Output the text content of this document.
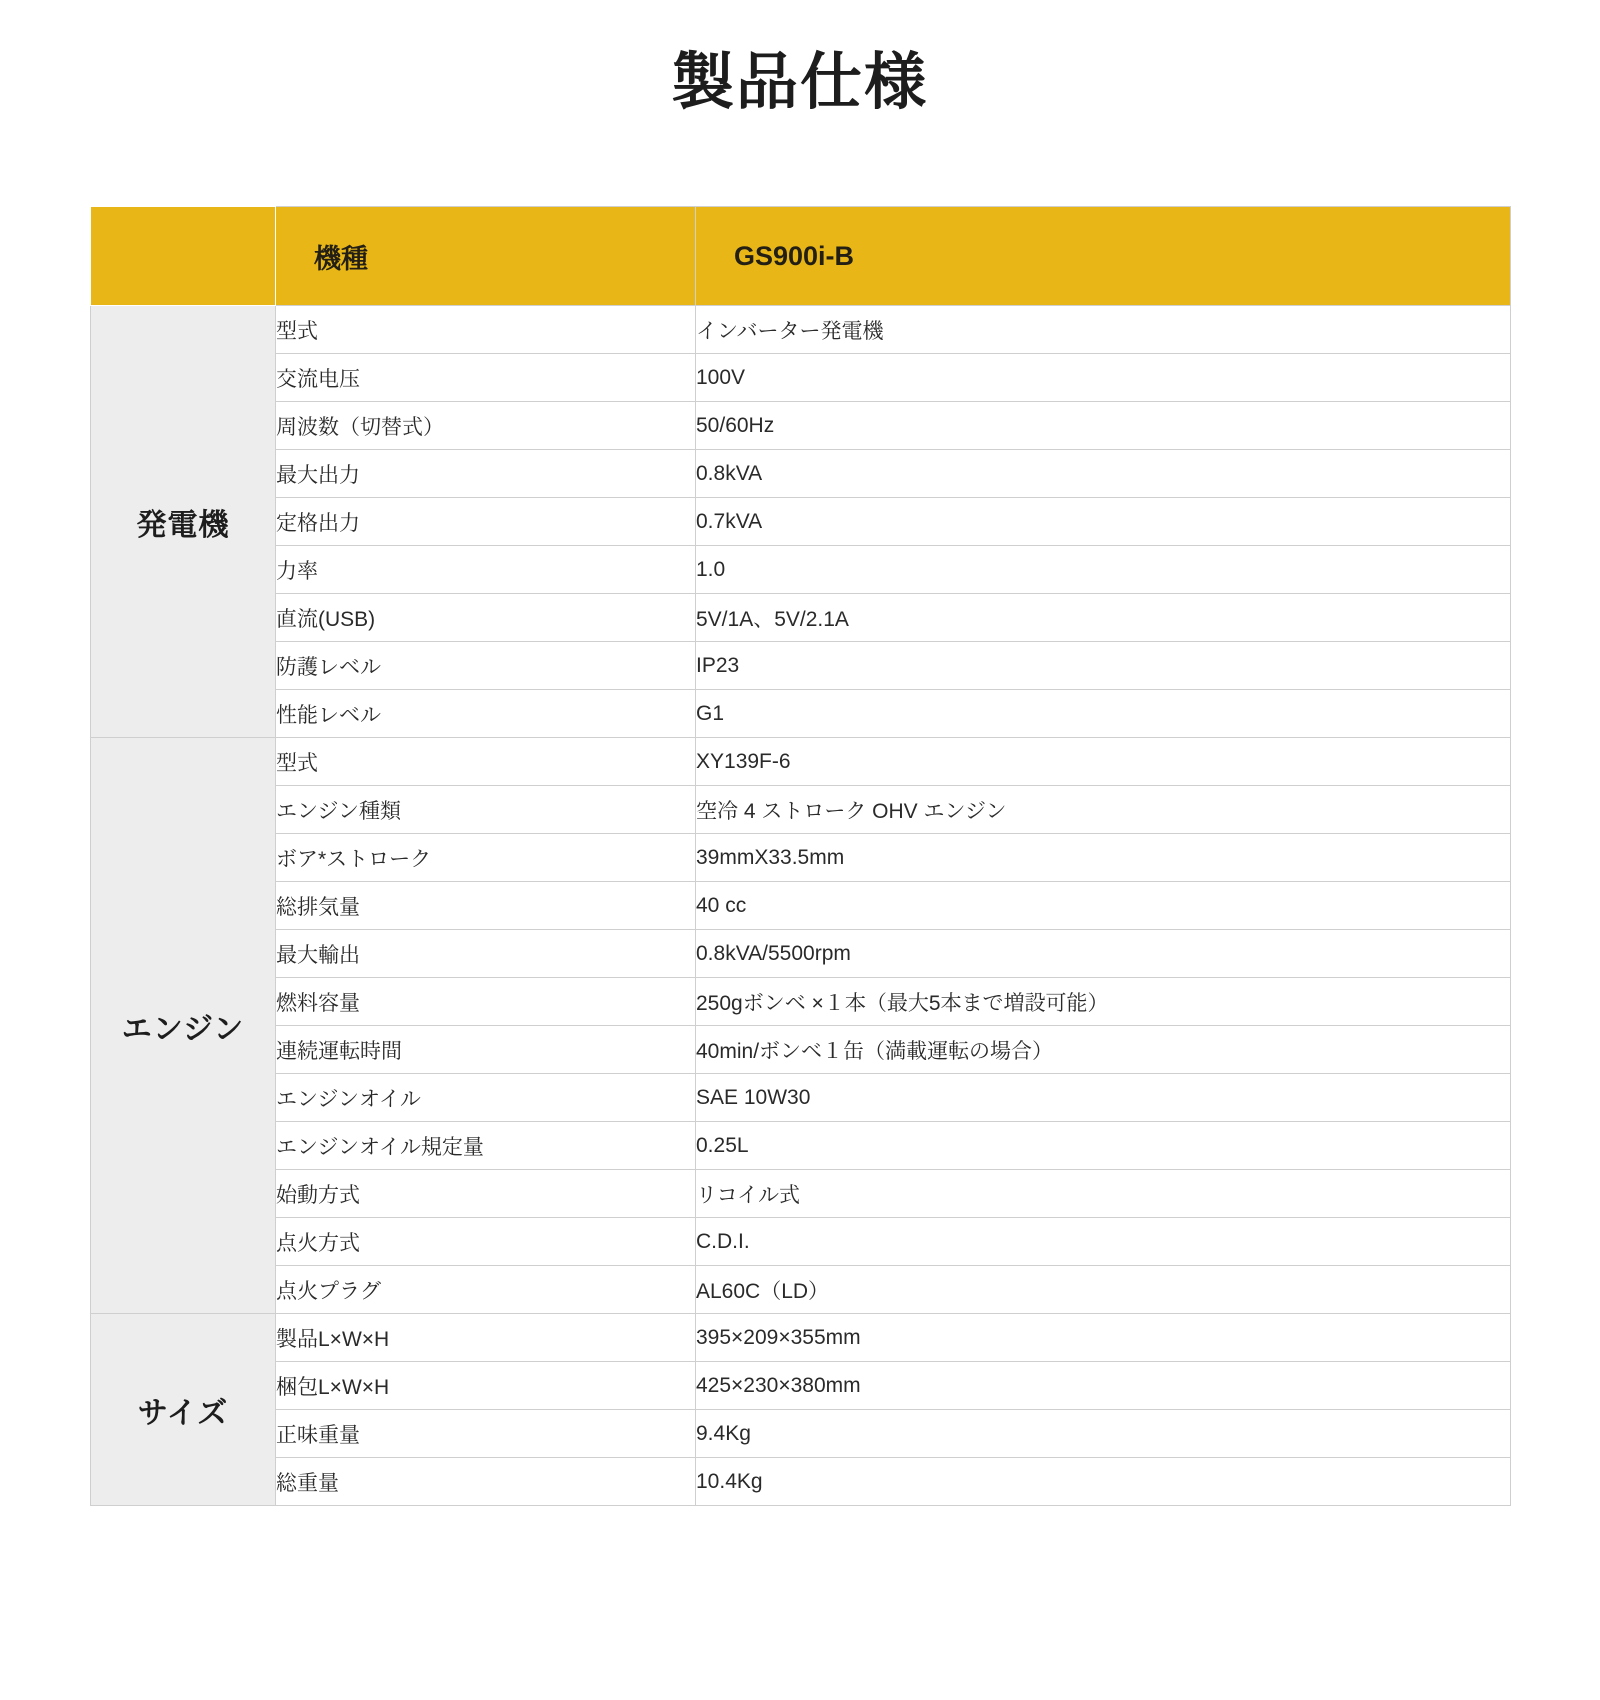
製品仕様
	機種	GS900i-B
発電機	型式	インバーター発電機
	交流电压	100V
	周波数（切替式）	50/60Hz
	最大出力	0.8kVA
	定格出力	0.7kVA
	力率	1.0
	直流(USB)	5V/1A、5V/2.1A
	防護レベル	IP23
	性能レベル	G1
エンジン	型式	XY139F-6
	エンジン種類	空冷 4 ストローク OHV エンジン
	ボア*ストローク	39mmX33.5mm
	総排気量	40 cc
	最大輸出	0.8kVA/5500rpm
	燃料容量	250gボンベ ×１本（最大5本まで増設可能）
	連続運転時間	40min/ボンベ１缶（満載運転の場合）
	エンジンオイル	SAE 10W30
	エンジンオイル規定量	0.25L
	始動方式	リコイル式
	点火方式	C.D.I.
	点火プラグ	AL60C（LD）
サイズ	製品L×W×H	395×209×355mm
	梱包L×W×H	425×230×380mm
	正味重量	9.4Kg
	総重量	10.4Kg
